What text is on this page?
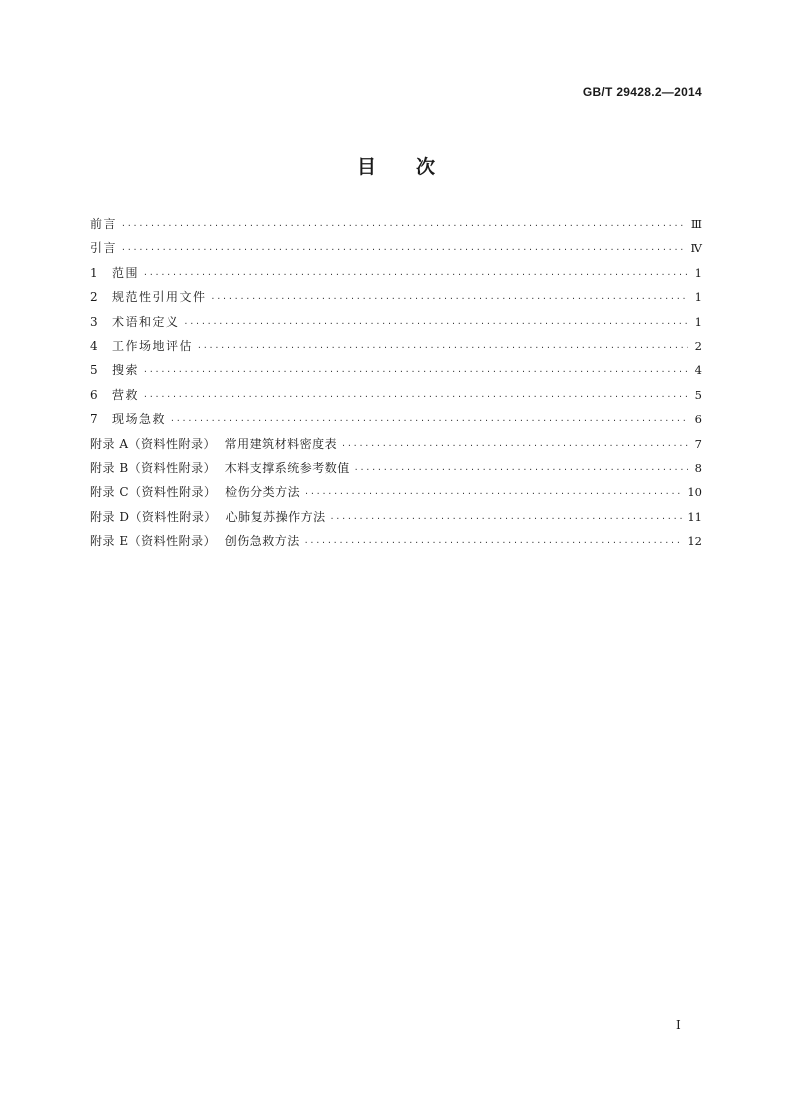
GB/T 29428.2—2014
目次
前言 ·····	Ⅲ
引言 ·····	Ⅳ
1	范围 ·····	1
2	规范性引用文件 ·····	1
3	术语和定义 ·····	1
4	工作场地评估 ·····	2
5	搜索 ·····	4
6	营救 ·····	5
7	现场急救 ·····	6
附录 A（资料性附录）  常用建筑材料密度表 ·····	7
附录 B（资料性附录）  木料支撑系统参考数值 ·····	8
附录 C（资料性附录）  检伤分类方法 ·····	10
附录 D（资料性附录）  心肺复苏操作方法 ·····	11
附录 E（资料性附录）  创伤急救方法 ·····	12
I
